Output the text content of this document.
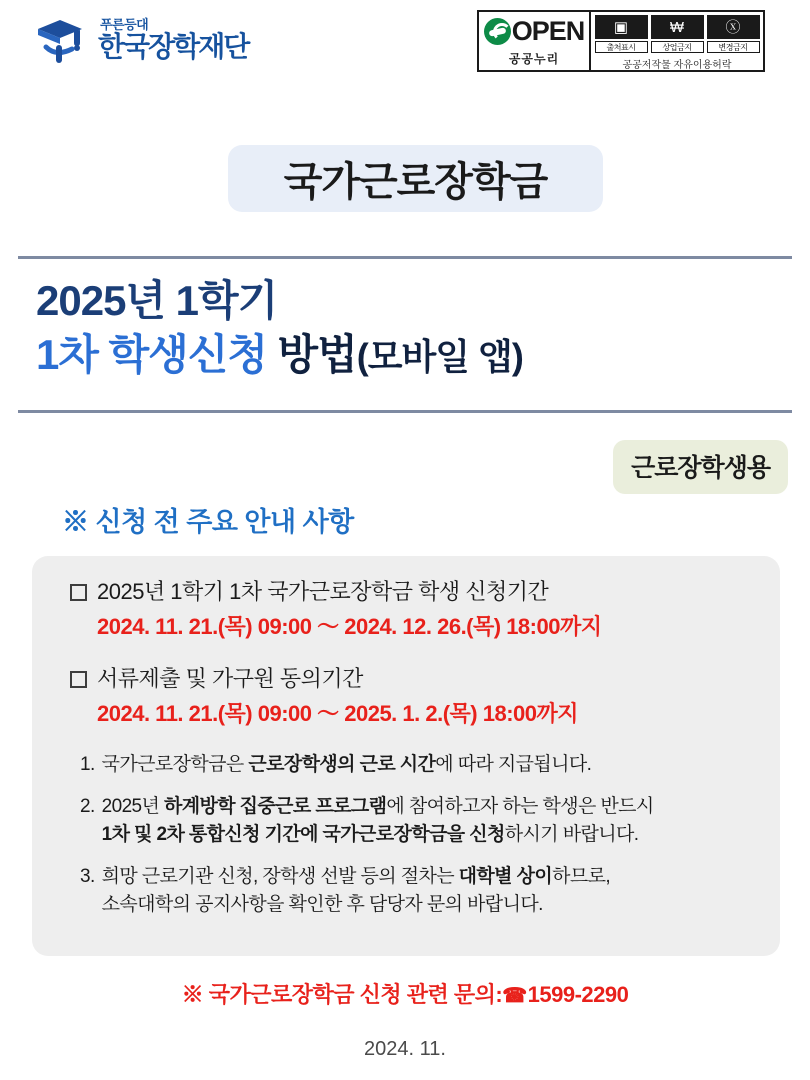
푸른등대
한국장학재단	OPEN
공공누리
▣
출처표시
₩
상업금지
ⓧ
변경금지
공공저작물 자유이용허락
국가근로장학금
2025년 1학기
1차 학생신청 방법(모바일 앱)
근로장학생용
※ 신청 전 주요 안내 사항
2025년 1학기 1차 국가근로장학금 학생 신청기간
2024. 11. 21.(목) 09:00 ～ 2024. 12. 26.(목) 18:00까지
서류제출 및 가구원 동의기간
2024. 11. 21.(목) 09:00 ～ 2025. 1. 2.(목) 18:00까지
1. 국가근로장학금은 근로장학생의 근로 시간에 따라 지급됩니다.
2. 2025년 하계방학 집중근로 프로그램에 참여하고자 하는 학생은 반드시
1차 및 2차 통합신청 기간에 국가근로장학금을 신청하시기 바랍니다.
3. 희망 근로기관 신청, 장학생 선발 등의 절차는 대학별 상이하므로,
소속대학의 공지사항을 확인한 후 담당자 문의 바랍니다.
※ 국가근로장학금 신청 관련 문의:☎1599-2290
2024. 11.
